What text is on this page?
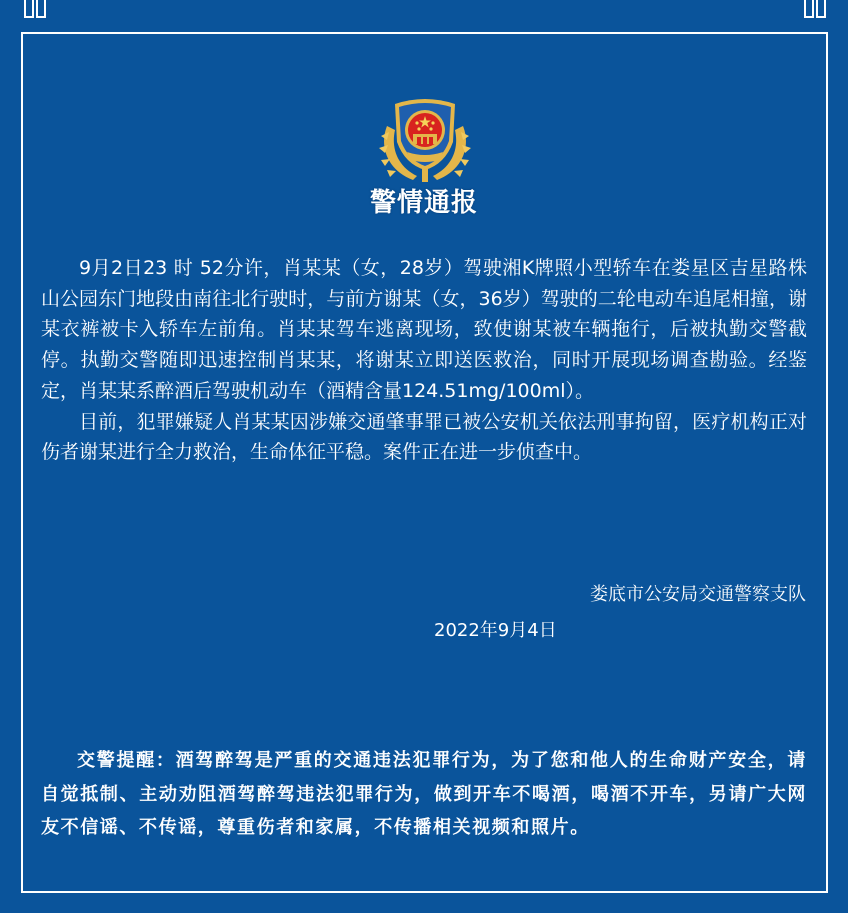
警情通报

9月2日23 时 52分许，肖某某（女，28岁）驾驶湘K牌照小型轿车在娄星区吉星路株山公园东门地段由南往北行驶时，与前方谢某（女，36岁）驾驶的二轮电动车追尾相撞，谢某衣裤被卡入轿车左前角。肖某某驾车逃离现场，致使谢某被车辆拖行，后被执勤交警截停。执勤交警随即迅速控制肖某某，将谢某立即送医救治，同时开展现场调查勘验。经鉴定，肖某某系醉酒后驾驶机动车（酒精含量124.51mg/100ml）。

目前，犯罪嫌疑人肖某某因涉嫌交通肇事罪已被公安机关依法刑事拘留，医疗机构正对伤者谢某进行全力救治，生命体征平稳。案件正在进一步侦查中。

娄底市公安局交通警察支队
2022年9月4日

交警提醒：酒驾醉驾是严重的交通违法犯罪行为，为了您和他人的生命财产安全，请自觉抵制、主动劝阻酒驾醉驾违法犯罪行为，做到开车不喝酒，喝酒不开车，另请广大网友不信谣、不传谣，尊重伤者和家属，不传播相关视频和照片。
